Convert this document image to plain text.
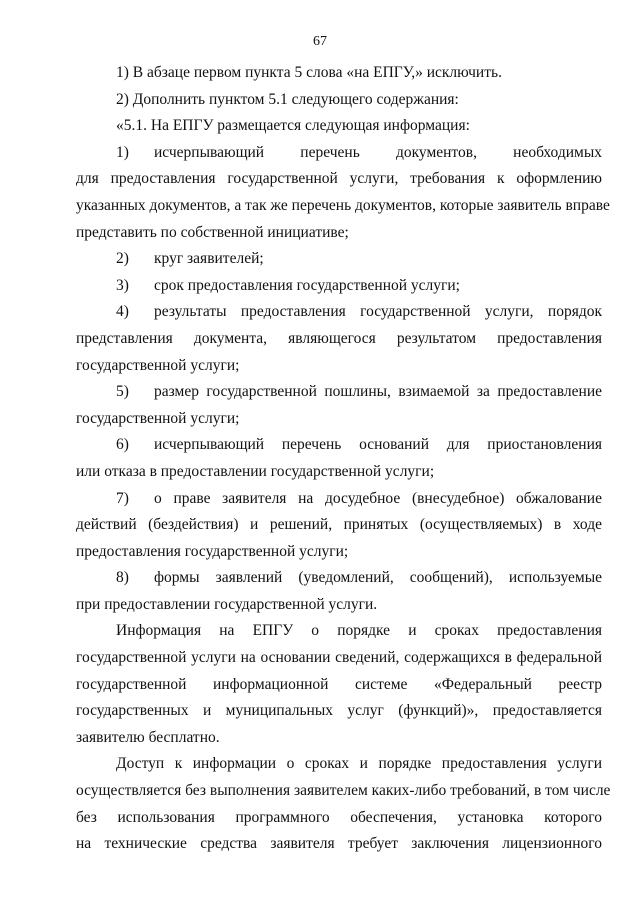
67
1) В абзаце первом пункта 5 слова «на ЕПГУ,» исключить.
2) Дополнить пунктом 5.1 следующего содержания:
«5.1. На ЕПГУ размещается следующая информация:
1)	исчерпывающий перечень документов, необходимых
для предоставления государственной услуги, требования к оформлению
указанных документов, а так же перечень документов, которые заявитель вправе
представить по собственной инициативе;
2)	круг заявителей;
3)	срок предоставления государственной услуги;
4)	результаты предоставления государственной услуги, порядок
представления документа, являющегося результатом предоставления
государственной услуги;
5)	размер государственной пошлины, взимаемой за предоставление
государственной услуги;
6)	исчерпывающий перечень оснований для приостановления
или отказа в предоставлении государственной услуги;
7)	о праве заявителя на досудебное (внесудебное) обжалование
действий (бездействия) и решений, принятых (осуществляемых) в ходе
предоставления государственной услуги;
8)	формы заявлений (уведомлений, сообщений), используемые
при предоставлении государственной услуги.
Информация на ЕПГУ о порядке и сроках предоставления
государственной услуги на основании сведений, содержащихся в федеральной
государственной информационной системе «Федеральный реестр
государственных и муниципальных услуг (функций)», предоставляется
заявителю бесплатно.
Доступ к информации о сроках и порядке предоставления услуги
осуществляется без выполнения заявителем каких-либо требований, в том числе
без использования программного обеспечения, установка которого
на технические средства заявителя требует заключения лицензионного
